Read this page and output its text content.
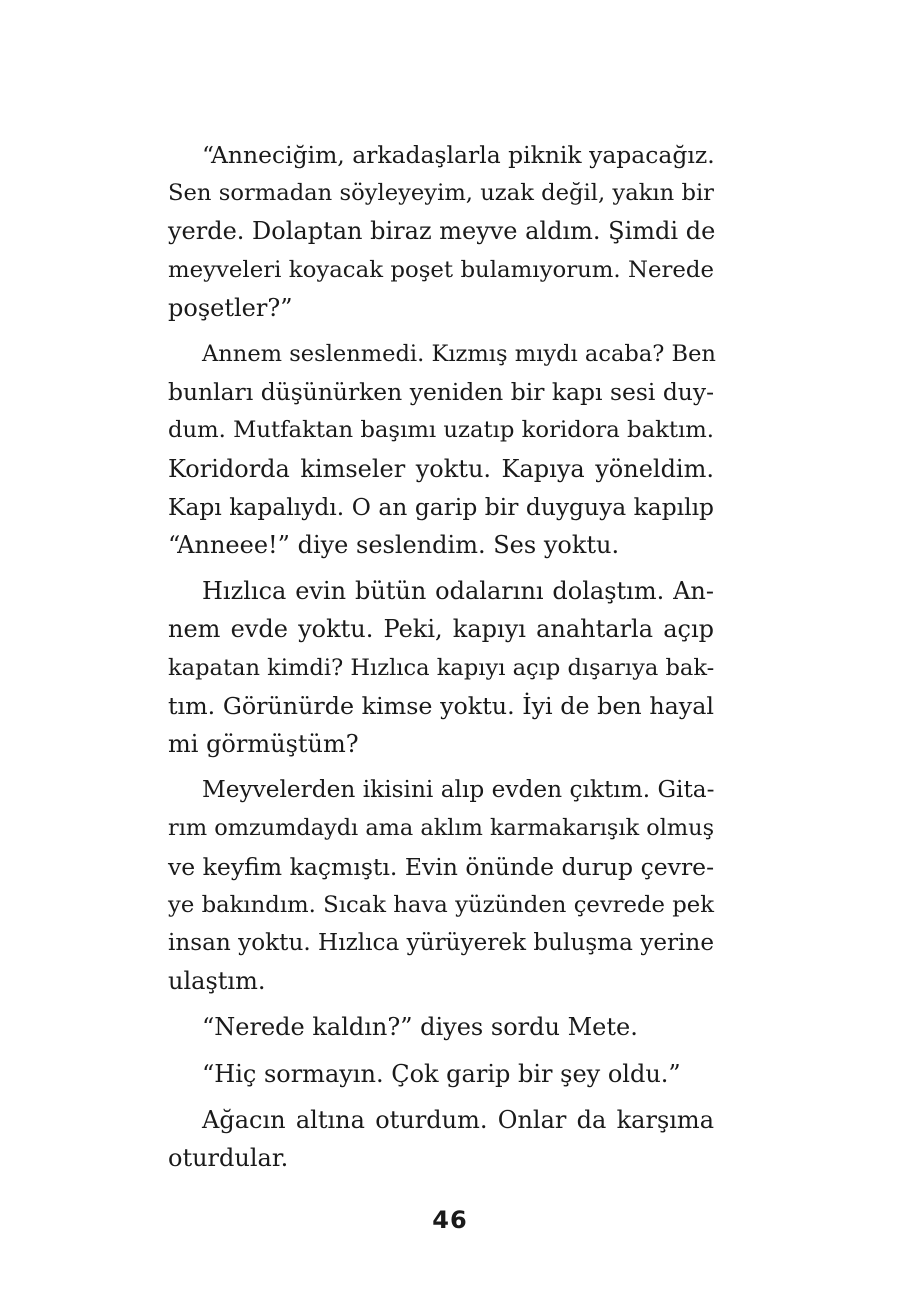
“Anneciğim, arkadaşlarla piknik yapacağız.
Sen sormadan söyleyeyim, uzak değil, yakın bir
yerde. Dolaptan biraz meyve aldım. Şimdi de
meyveleri koyacak poşet bulamıyorum. Nerede
poşetler?”

Annem seslenmedi. Kızmış mıydı acaba? Ben
bunları düşünürken yeniden bir kapı sesi duy-
dum. Mutfaktan başımı uzatıp koridora baktım.
Koridorda kimseler yoktu. Kapıya yöneldim.
Kapı kapalıydı. O an garip bir duyguya kapılıp
“Anneee!” diye seslendim. Ses yoktu.

Hızlıca evin bütün odalarını dolaştım. An-
nem evde yoktu. Peki, kapıyı anahtarla açıp
kapatan kimdi? Hızlıca kapıyı açıp dışarıya bak-
tım. Görünürde kimse yoktu. İyi de ben hayal
mi görmüştüm?

Meyvelerden ikisini alıp evden çıktım. Gita-
rım omzumdaydı ama aklım karmakarışık olmuş
ve keyfim kaçmıştı. Evin önünde durup çevre-
ye bakındım. Sıcak hava yüzünden çevrede pek
insan yoktu. Hızlıca yürüyerek buluşma yerine
ulaştım.

“Nerede kaldın?” diyes sordu Mete.

“Hiç sormayın. Çok garip bir şey oldu.”

Ağacın altına oturdum. Onlar da karşıma
oturdular.

46
